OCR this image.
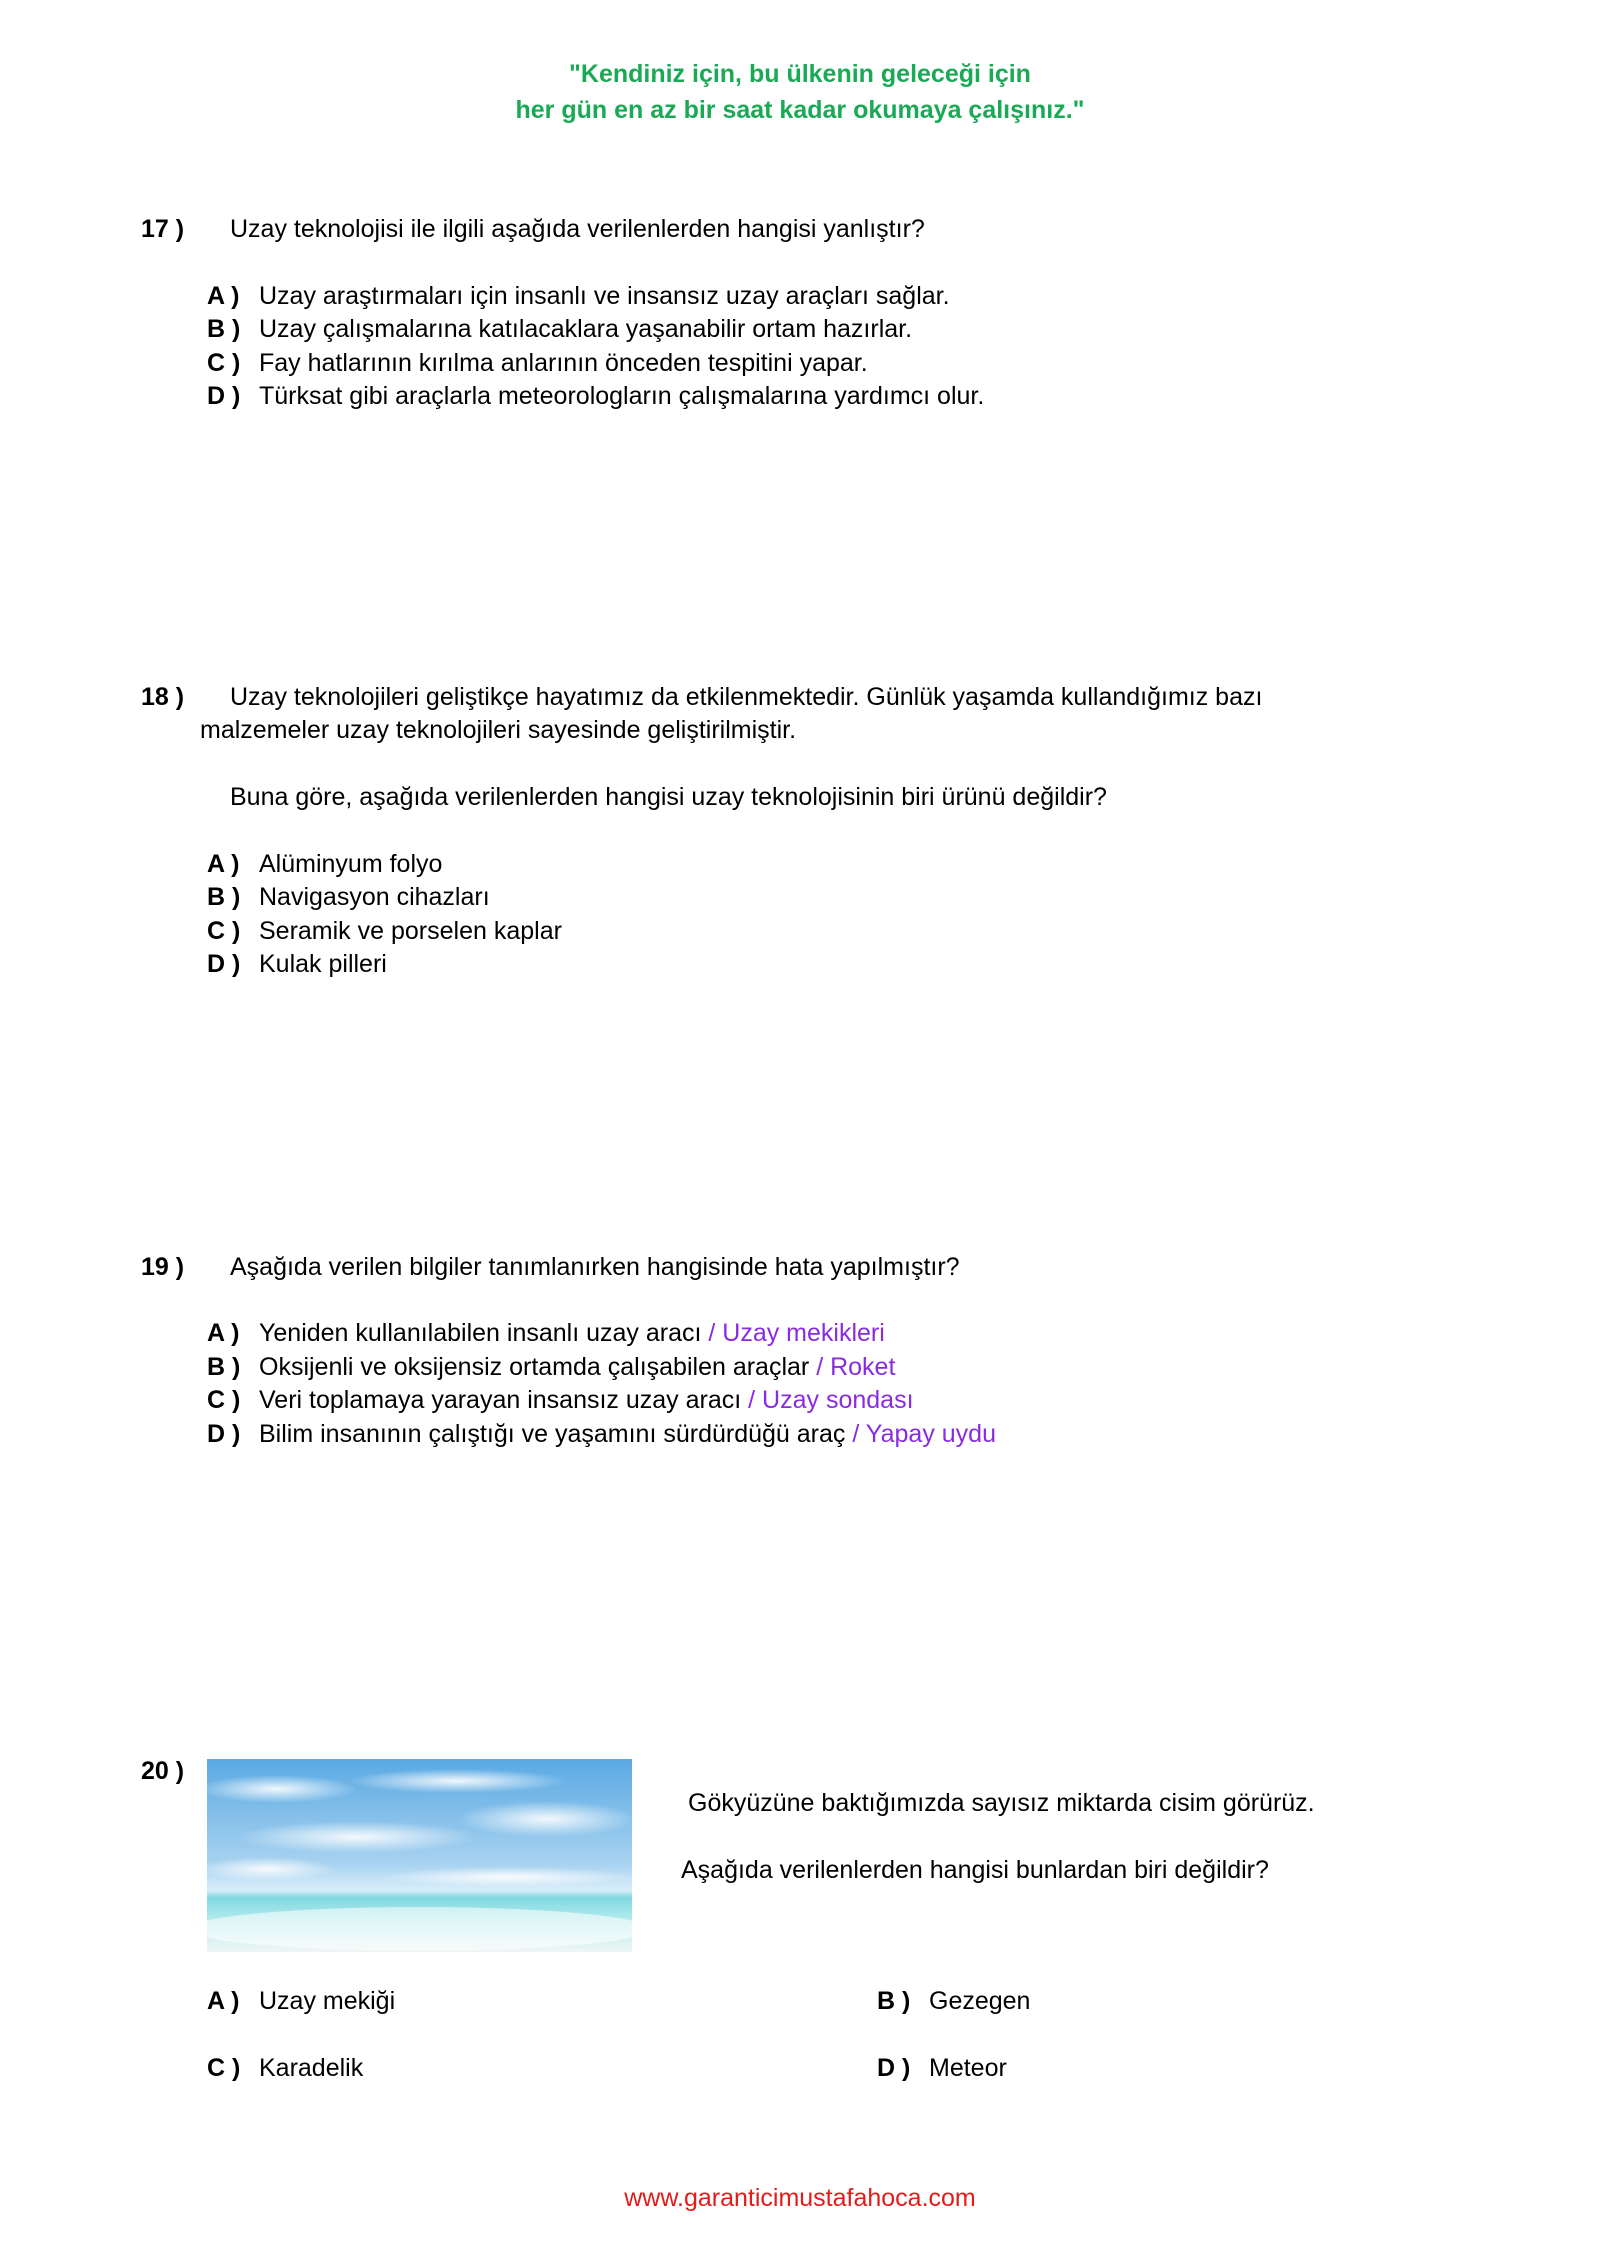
"Kendiniz için, bu ülkenin geleceği için
her gün en az bir saat kadar okumaya çalışınız."
17 ) Uzay teknolojisi ile ilgili aşağıda verilenlerden hangisi yanlıştır?
A ) Uzay araştırmaları için insanlı ve insansız uzay araçları sağlar.
B ) Uzay çalışmalarına katılacaklara yaşanabilir ortam hazırlar.
C ) Fay hatlarının kırılma anlarının önceden tespitini yapar.
D ) Türksat gibi araçlarla meteorologların çalışmalarına yardımcı olur.
18 ) Uzay teknolojileri geliştikçe hayatımız da etkilenmektedir. Günlük yaşamda kullandığımız bazı
malzemeler uzay teknolojileri sayesinde geliştirilmiştir.
Buna göre, aşağıda verilenlerden hangisi uzay teknolojisinin biri ürünü değildir?
A ) Alüminyum folyo
B ) Navigasyon cihazları
C ) Seramik ve porselen kaplar
D ) Kulak pilleri
19 ) Aşağıda verilen bilgiler tanımlanırken hangisinde hata yapılmıştır?
A ) Yeniden kullanılabilen insanlı uzay aracı / Uzay mekikleri
B ) Oksijenli ve oksijensiz ortamda çalışabilen araçlar / Roket
C ) Veri toplamaya yarayan insansız uzay aracı / Uzay sondası
D ) Bilim insanının çalıştığı ve yaşamını sürdürdüğü araç / Yapay uydu
20 )
Gökyüzüne baktığımızda sayısız miktarda cisim görürüz.
Aşağıda verilenlerden hangisi bunlardan biri değildir?
A ) Uzay mekiği	B ) Gezegen
C ) Karadelik	D ) Meteor
www.garanticimustafahoca.com
